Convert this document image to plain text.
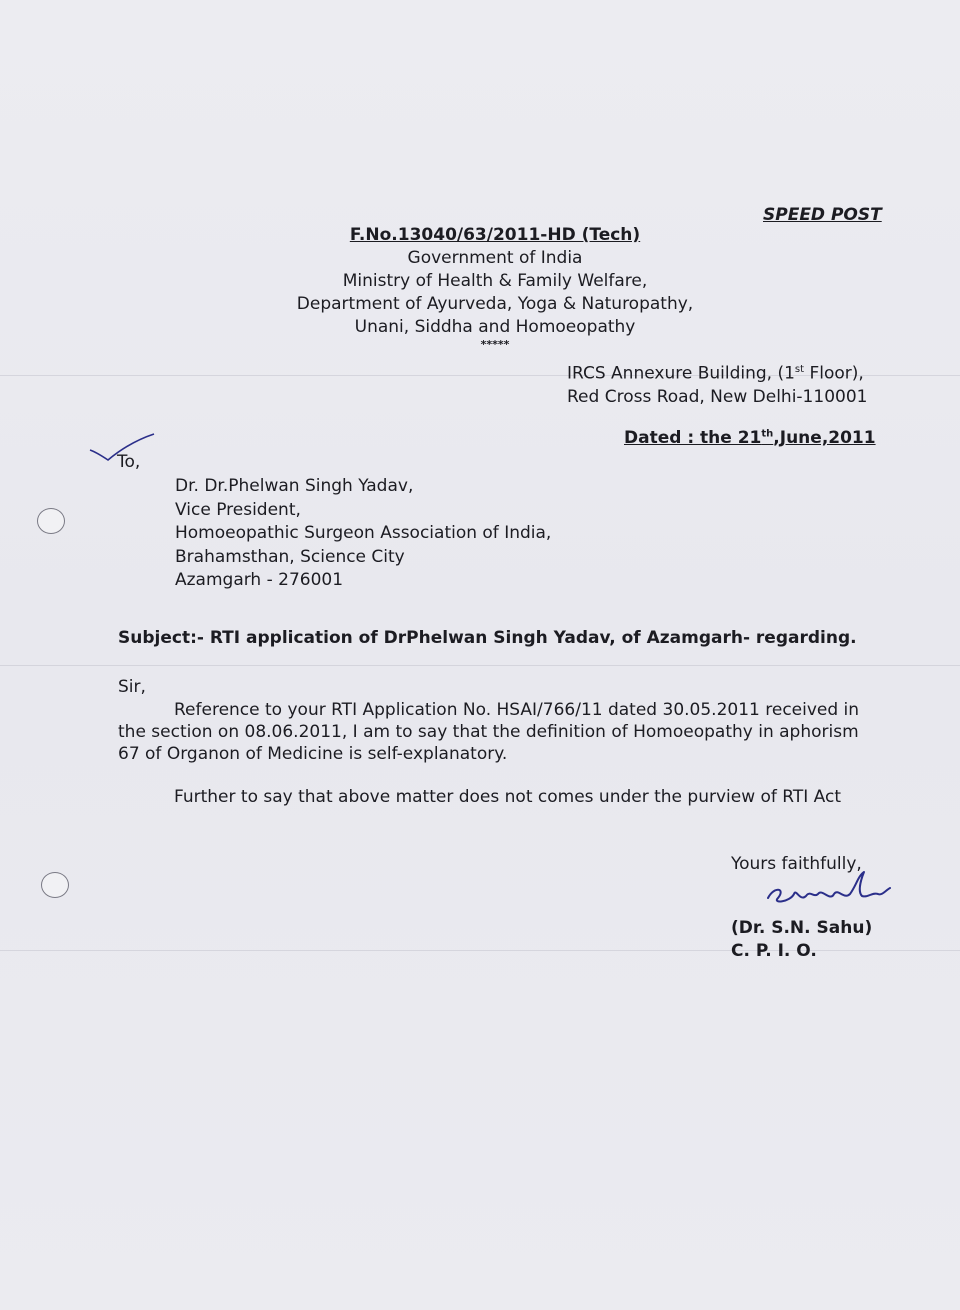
SPEED POST
F.No.13040/63/2011-HD (Tech)
Government of India
Ministry of Health & Family Welfare,
Department of Ayurveda, Yoga & Naturopathy,
Unani, Siddha and Homoeopathy
*****
IRCS Annexure Building, (1st Floor),
Red Cross Road, New Delhi-110001
Dated : the 21th,June,2011
To,
Dr. Dr.Phelwan Singh Yadav,
Vice President,
Homoeopathic Surgeon Association of India,
Brahamsthan, Science City
Azamgarh - 276001
Subject:- RTI application of DrPhelwan Singh Yadav, of Azamgarh- regarding.
Sir,
Reference to your RTI Application No. HSAI/766/11 dated 30.05.2011 received in the section on 08.06.2011, I am to say that the definition of Homoeopathy in aphorism 67 of Organon of Medicine is self-explanatory.
Further to say that above matter does not comes under the purview of RTI Act
Yours faithfully,
(Dr. S.N. Sahu)
C. P. I. O.
